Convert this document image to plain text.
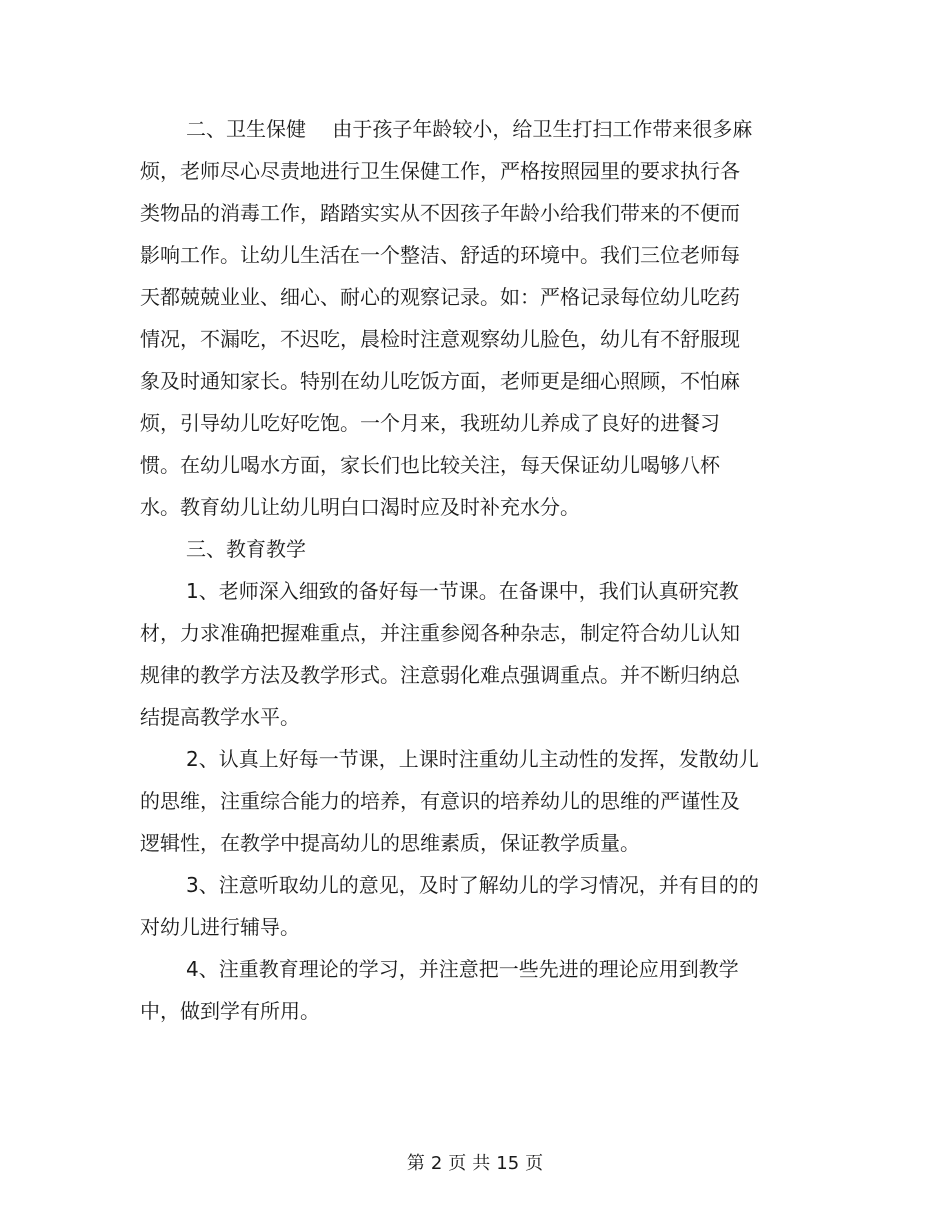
二、卫生保健　 由于孩子年龄较小，给卫生打扫工作带来很多麻
烦，老师尽心尽责地进行卫生保健工作，严格按照园里的要求执行各
类物品的消毒工作，踏踏实实从不因孩子年龄小给我们带来的不便而
影响工作。让幼儿生活在一个整洁、舒适的环境中。我们三位老师每
天都兢兢业业、细心、耐心的观察记录。如：严格记录每位幼儿吃药
情况，不漏吃，不迟吃，晨检时注意观察幼儿脸色，幼儿有不舒服现
象及时通知家长。特别在幼儿吃饭方面，老师更是细心照顾，不怕麻
烦，引导幼儿吃好吃饱。一个月来，我班幼儿养成了良好的进餐习
惯。在幼儿喝水方面，家长们也比较关注，每天保证幼儿喝够八杯
水。教育幼儿让幼儿明白口渴时应及时补充水分。
三、教育教学
1、老师深入细致的备好每一节课。在备课中，我们认真研究教
材，力求准确把握难重点，并注重参阅各种杂志，制定符合幼儿认知
规律的教学方法及教学形式。注意弱化难点强调重点。并不断归纳总
结提高教学水平。
2、认真上好每一节课，上课时注重幼儿主动性的发挥，发散幼儿
的思维，注重综合能力的培养，有意识的培养幼儿的思维的严谨性及
逻辑性，在教学中提高幼儿的思维素质，保证教学质量。
3、注意听取幼儿的意见，及时了解幼儿的学习情况，并有目的的
对幼儿进行辅导。
4、注重教育理论的学习，并注意把一些先进的理论应用到教学
中，做到学有所用。
第 2 页 共 15 页
